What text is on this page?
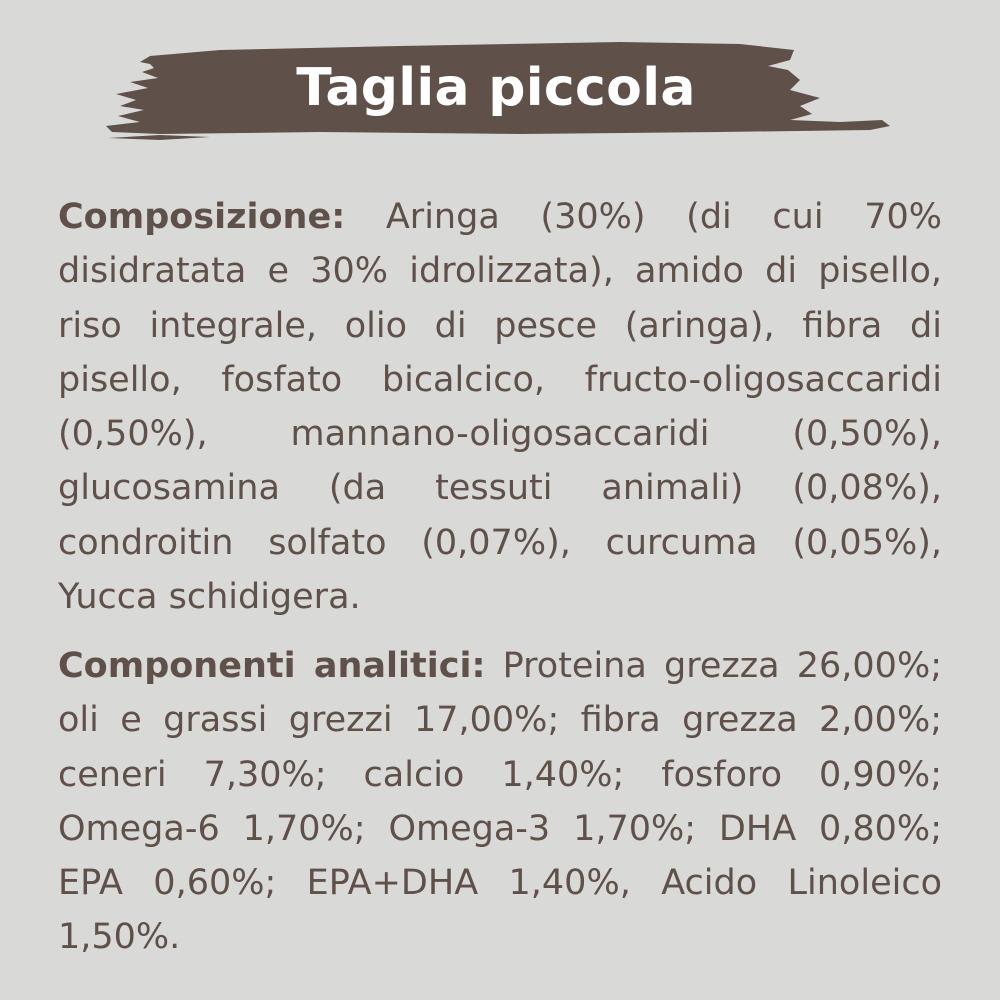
Taglia piccola

Composizione: Aringa (30%) (di cui 70% disidratata e 30% idrolizzata), amido di pisello, riso integrale, olio di pesce (aringa), fibra di pisello, fosfato bicalcico, fructo-oligosaccaridi (0,50%), mannano-oligosaccaridi (0,50%), glucosamina (da tessuti animali) (0,08%), condroitin solfato (0,07%), curcuma (0,05%), Yucca schidigera.

Componenti analitici: Proteina grezza 26,00%; oli e grassi grezzi 17,00%; fibra grezza 2,00%; ceneri 7,30%; calcio 1,40%; fosforo 0,90%; Omega-6 1,70%; Omega-3 1,70%; DHA 0,80%; EPA 0,60%; EPA+DHA 1,40%, Acido Linoleico 1,50%.
